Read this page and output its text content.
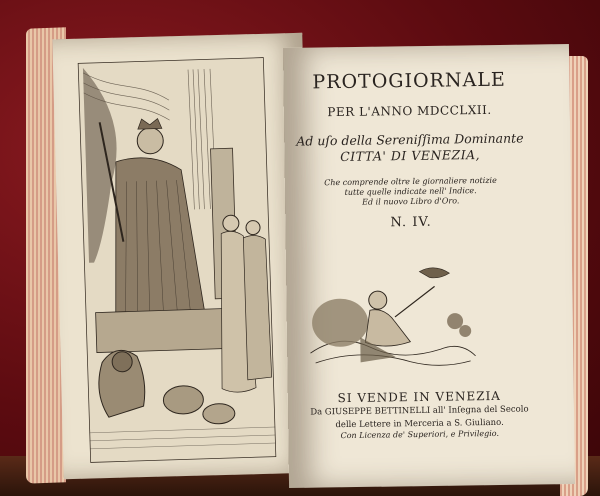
PROTOGIORNALE
PER L'ANNO MDCCLXII.
Ad uſo della Sereniſſima Dominante
CITTA' DI VENEZIA,
Che comprende oltre le giornaliere notizie
tutte quelle indicate nell' Indice.
Ed il nuovo Libro d'Oro.
N. IV.
SI VENDE IN VENEZIA
Da GIUSEPPE BETTINELLI all' Inſegna del Secolo
delle Lettere in Merceria a S. Giuliano.
Con Licenza de' Superiori, e Privilegio.
